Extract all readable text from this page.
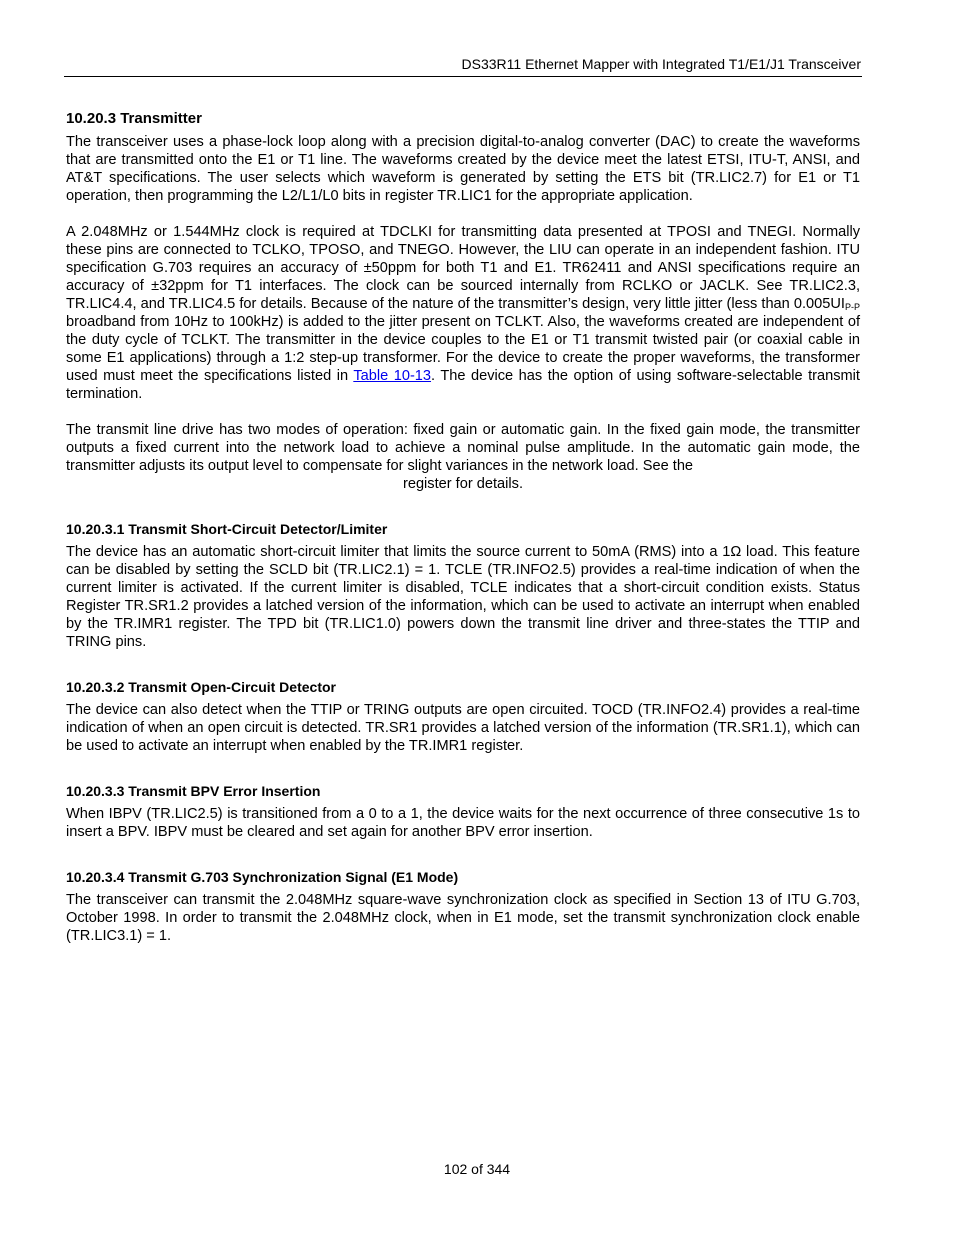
DS33R11 Ethernet Mapper with Integrated T1/E1/J1 Transceiver
10.20.3 Transmitter

The transceiver uses a phase-lock loop along with a precision digital-to-analog converter (DAC) to create the waveforms that are transmitted onto the E1 or T1 line. The waveforms created by the device meet the latest ETSI, ITU-T, ANSI, and AT&T specifications. The user selects which waveform is generated by setting the ETS bit (TR.LIC2.7) for E1 or T1 operation, then programming the L2/L1/L0 bits in register TR.LIC1 for the appropriate application.

A 2.048MHz or 1.544MHz clock is required at TDCLKI for transmitting data presented at TPOSI and TNEGI. Normally these pins are connected to TCLKO, TPOSO, and TNEGO. However, the LIU can operate in an independent fashion. ITU specification G.703 requires an accuracy of ±50ppm for both T1 and E1. TR62411 and ANSI specifications require an accuracy of ±32ppm for T1 interfaces. The clock can be sourced internally from RCLKO or JACLK. See TR.LIC2.3, TR.LIC4.4, and TR.LIC4.5 for details. Because of the nature of the transmitter’s design, very little jitter (less than $0.005UI_{P-P}$ broadband from 10Hz to 100kHz) is added to the jitter present on TCLKT. Also, the waveforms created are independent of the duty cycle of TCLKT. The transmitter in the device couples to the E1 or T1 transmit twisted pair (or coaxial cable in some E1 applications) through a 1:2 step-up transformer. For the device to create the proper waveforms, the transformer used must meet the specifications listed in Table 10-13. The device has the option of using software-selectable transmit termination.

The transmit line drive has two modes of operation: fixed gain or automatic gain. In the fixed gain mode, the transmitter outputs a fixed current into the network load to achieve a nominal pulse amplitude. In the automatic gain mode, the transmitter adjusts its output level to compensate for slight variances in the network load. See the

register for details.

10.20.3.1 Transmit Short-Circuit Detector/Limiter

The device has an automatic short-circuit limiter that limits the source current to 50mA (RMS) into a 1Ω load. This feature can be disabled by setting the SCLD bit (TR.LIC2.1) = 1. TCLE (TR.INFO2.5) provides a real-time indication of when the current limiter is activated. If the current limiter is disabled, TCLE indicates that a short-circuit condition exists. Status Register TR.SR1.2 provides a latched version of the information, which can be used to activate an interrupt when enabled by the TR.IMR1 register. The TPD bit (TR.LIC1.0) powers down the transmit line driver and three-states the TTIP and TRING pins.

10.20.3.2 Transmit Open-Circuit Detector

The device can also detect when the TTIP or TRING outputs are open circuited. TOCD (TR.INFO2.4) provides a real-time indication of when an open circuit is detected. TR.SR1 provides a latched version of the information (TR.SR1.1), which can be used to activate an interrupt when enabled by the TR.IMR1 register.

10.20.3.3 Transmit BPV Error Insertion

When IBPV (TR.LIC2.5) is transitioned from a 0 to a 1, the device waits for the next occurrence of three consecutive 1s to insert a BPV. IBPV must be cleared and set again for another BPV error insertion.

10.20.3.4 Transmit G.703 Synchronization Signal (E1 Mode)

The transceiver can transmit the 2.048MHz square-wave synchronization clock as specified in Section 13 of ITU G.703, October 1998. In order to transmit the 2.048MHz clock, when in E1 mode, set the transmit synchronization clock enable (TR.LIC3.1) = 1.

102 of 344
